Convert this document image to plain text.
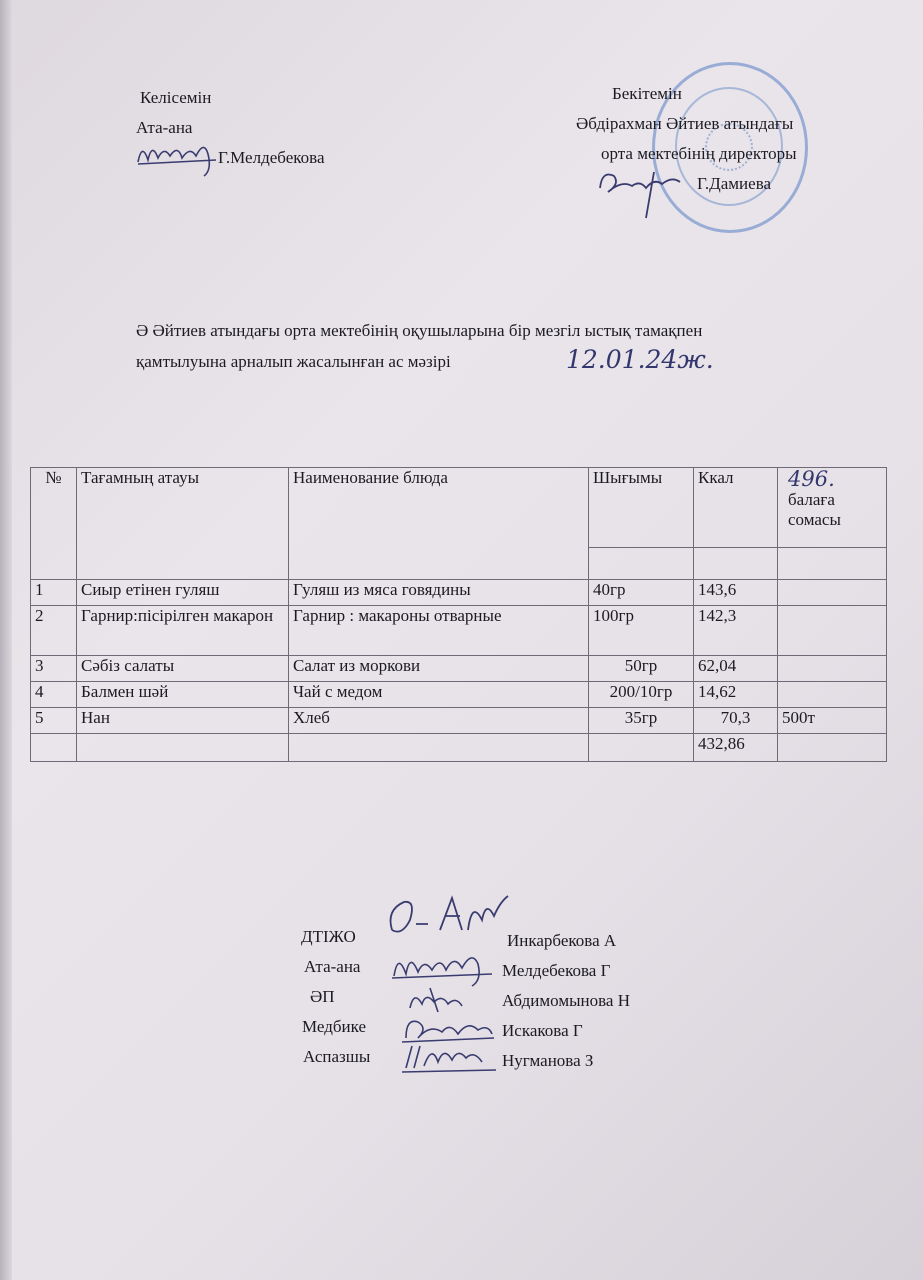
Келісемін
Ата-ана
Г.Мелдебекова
Бекітемін
Әбдірахман Әйтиев атындағы
орта мектебінің директоры
Г.Дамиева
Ә Әйтиев атындағы орта мектебінің оқушыларына бір мезгіл ыстық тамақпен
қамтылуына арналып жасалынған ас мәзірі	12.01.24ж.
№	Тағамның атауы	Наименование блюда	Шығымы	Ккал	496.
балаға сомасы

1	Сиыр етінен гуляш	Гуляш из мяса говядины	40гр	143,6	
2	Гарнир:пісірілген макарон	Гарнир : макароны отварные	100гр	142,3	
3	Сәбіз салаты	Салат из моркови	50гр	62,04	
4	Балмен шәй	Чай с медом	200/10гр	14,62	
5	Нан	Хлеб	35гр	70,3	500т
				432,86	
ДТІЖО	Инкарбекова А
Ата-ана	Мелдебекова Г
ӘП	Абдимомынова Н
Медбике	Искакова Г
Аспазшы	Нугманова З
